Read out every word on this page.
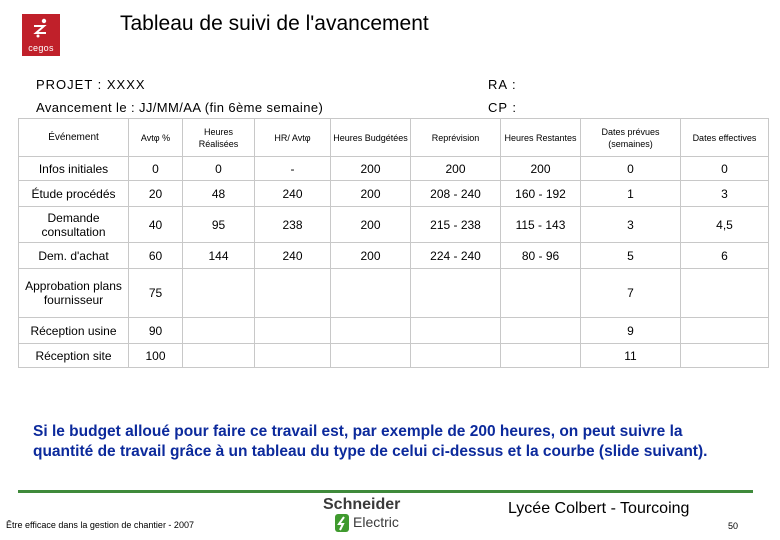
cegos
Tableau de suivi de l'avancement
PROJET : XXXX	RA :
Avancement le : JJ/MM/AA (fin 6ème semaine)	CP :
Événement	Avtφ %	Heures Réalisées	HR/ Avtφ	Heures Budgétées	Reprévision	Heures Restantes	Dates prévues (semaines)	Dates effectives
Infos initiales	0	0	-	200	200	200	0	0
Étude procédés	20	48	240	200	208 - 240	160 - 192	1	3
Demande consultation	40	95	238	200	215 - 238	115 - 143	3	4,5
Dem. d'achat	60	144	240	200	224 - 240	80 - 96	5	6
Approbation plans fournisseur	75						7	
Réception usine	90						9	
Réception site	100						11	
Si le budget alloué pour faire ce travail est, par exemple de 200 heures, on peut suivre la quantité de travail grâce à un tableau du type de celui ci-dessus et la courbe (slide suivant).
Schneider
Electric
Lycée Colbert - Tourcoing
Être efficace dans la gestion de chantier - 2007	50
